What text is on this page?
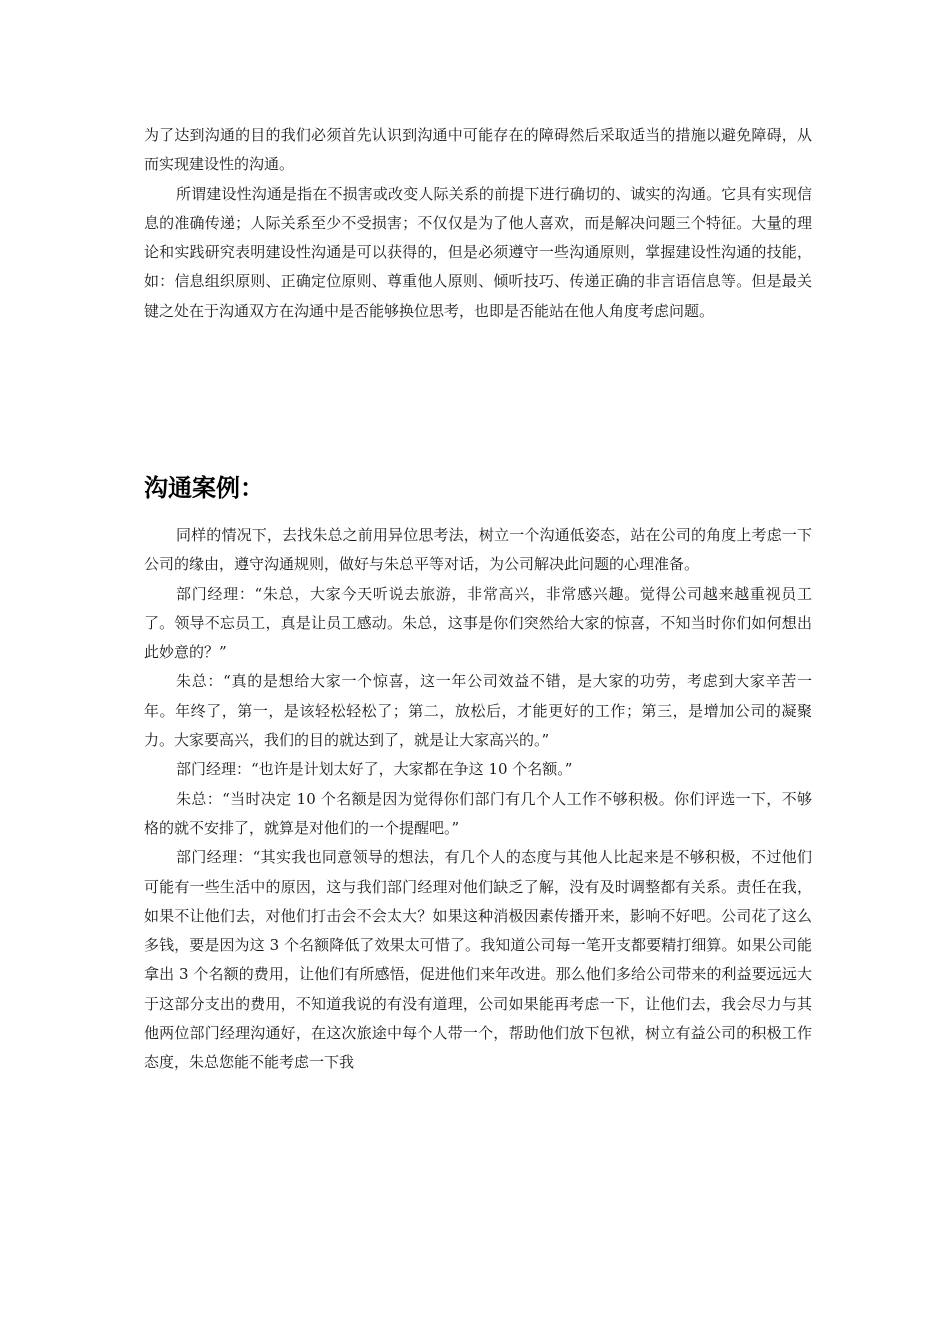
为了达到沟通的目的我们必须首先认识到沟通中可能存在的障碍然后采取适当的措施以避免障碍，从而实现建设性的沟通。

所谓建设性沟通是指在不损害或改变人际关系的前提下进行确切的、诚实的沟通。它具有实现信息的准确传递；人际关系至少不受损害；不仅仅是为了他人喜欢，而是解决问题三个特征。大量的理论和实践研究表明建设性沟通是可以获得的，但是必须遵守一些沟通原则，掌握建设性沟通的技能，如：信息组织原则、正确定位原则、尊重他人原则、倾听技巧、传递正确的非言语信息等。但是最关键之处在于沟通双方在沟通中是否能够换位思考，也即是否能站在他人角度考虑问题。

沟通案例：

同样的情况下，去找朱总之前用异位思考法，树立一个沟通低姿态，站在公司的角度上考虑一下公司的缘由，遵守沟通规则，做好与朱总平等对话，为公司解决此问题的心理准备。

部门经理：“朱总，大家今天听说去旅游，非常高兴，非常感兴趣。觉得公司越来越重视员工了。领导不忘员工，真是让员工感动。朱总，这事是你们突然给大家的惊喜，不知当时你们如何想出此妙意的？”

朱总：“真的是想给大家一个惊喜，这一年公司效益不错，是大家的功劳，考虑到大家辛苦一年。年终了，第一，是该轻松轻松了；第二，放松后，才能更好的工作；第三，是增加公司的凝聚力。大家要高兴，我们的目的就达到了，就是让大家高兴的。”

部门经理：“也许是计划太好了，大家都在争这 10 个名额。”

朱总：“当时决定 10 个名额是因为觉得你们部门有几个人工作不够积极。你们评选一下，不够格的就不安排了，就算是对他们的一个提醒吧。”

部门经理：“其实我也同意领导的想法，有几个人的态度与其他人比起来是不够积极，不过他们可能有一些生活中的原因，这与我们部门经理对他们缺乏了解，没有及时调整都有关系。责任在我，如果不让他们去，对他们打击会不会太大？如果这种消极因素传播开来，影响不好吧。公司花了这么多钱，要是因为这 3 个名额降低了效果太可惜了。我知道公司每一笔开支都要精打细算。如果公司能拿出 3 个名额的费用，让他们有所感悟，促进他们来年改进。那么他们多给公司带来的利益要远远大于这部分支出的费用，不知道我说的有没有道理，公司如果能再考虑一下，让他们去，我会尽力与其他两位部门经理沟通好，在这次旅途中每个人带一个，帮助他们放下包袱，树立有益公司的积极工作态度，朱总您能不能考虑一下我
